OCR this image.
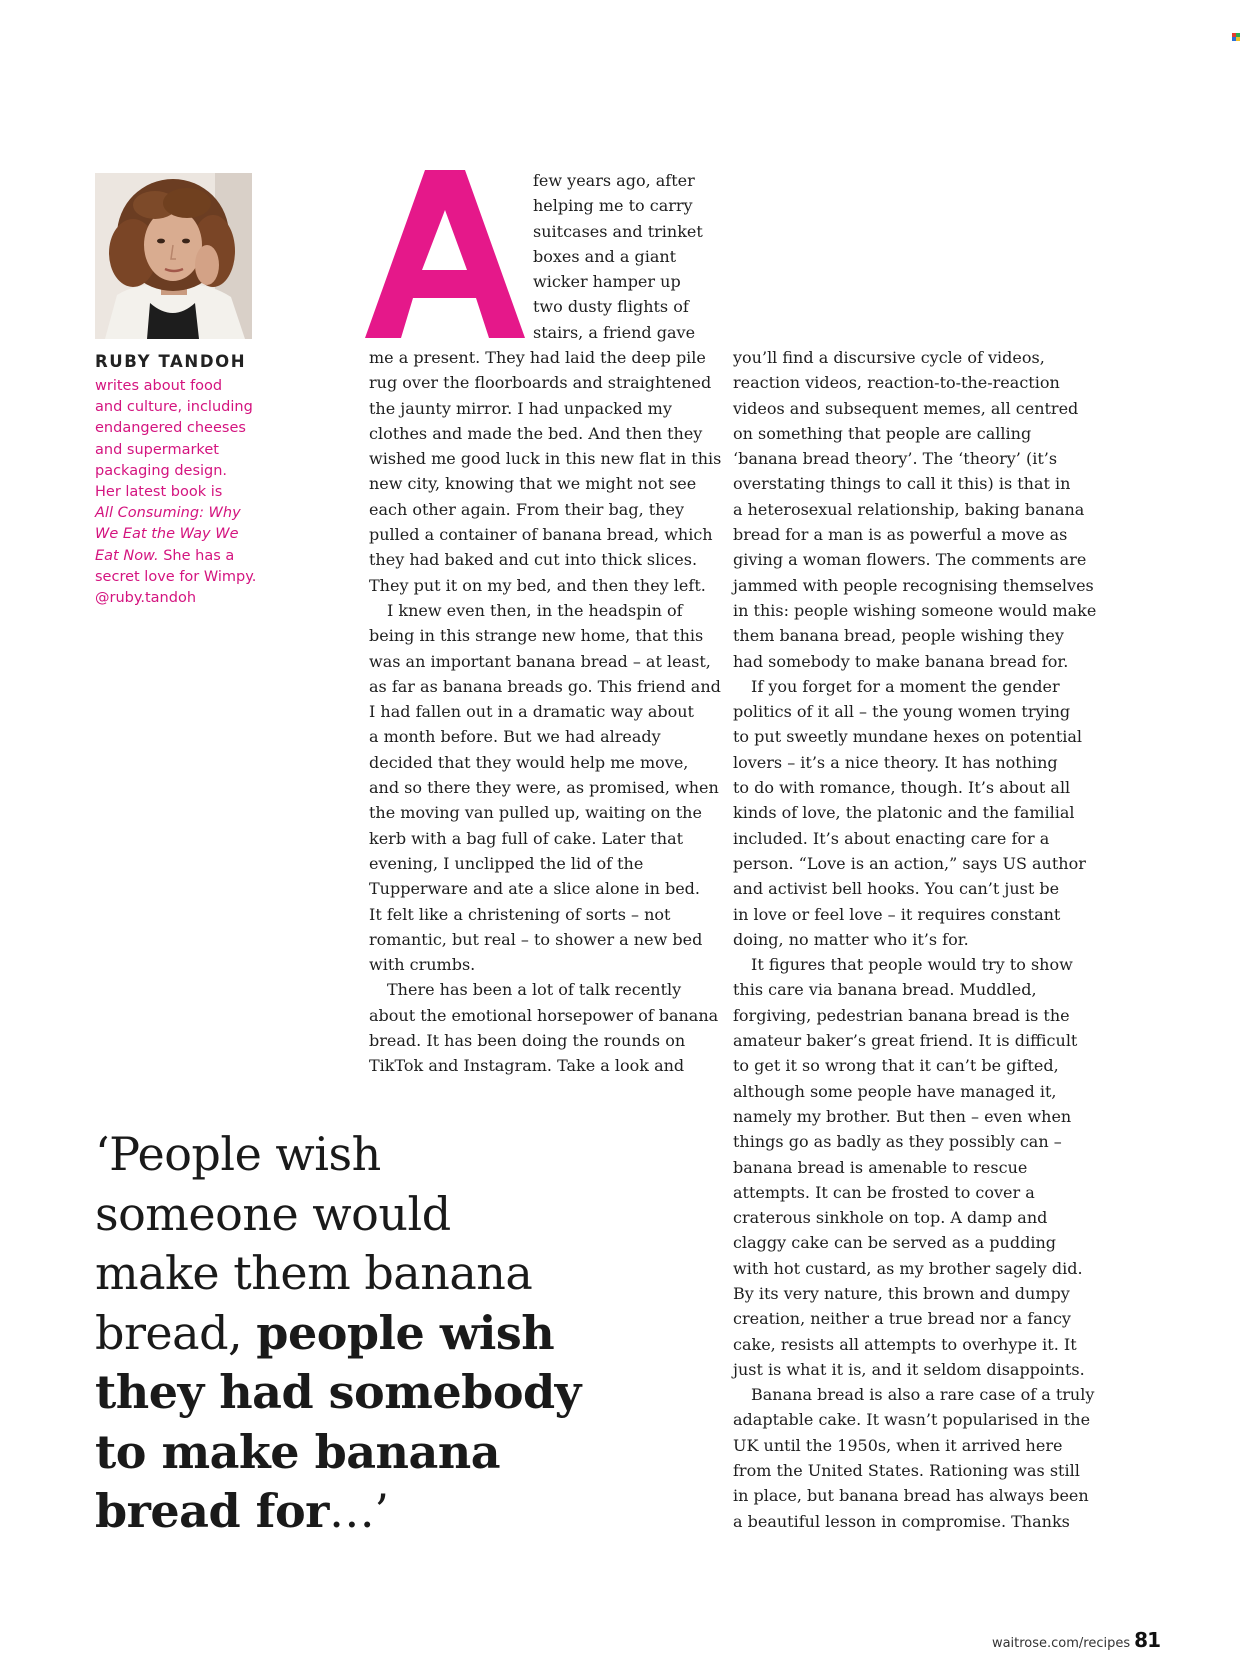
RUBY TANDOH
writes about food
and culture, including
endangered cheeses
and supermarket
packaging design.
Her latest book is
All Consuming: Why
We Eat the Way We
Eat Now. She has a
secret love for Wimpy.
@ruby.tandoh
few years ago, after
helping me to carry
suitcases and trinket
boxes and a giant
wicker hamper up
two dusty flights of
stairs, a friend gave
me a present. They had laid the deep pile
rug over the floorboards and straightened
the jaunty mirror. I had unpacked my
clothes and made the bed. And then they
wished me good luck in this new flat in this
new city, knowing that we might not see
each other again. From their bag, they
pulled a container of banana bread, which
they had baked and cut into thick slices.
They put it on my bed, and then they left.
I knew even then, in the headspin of
being in this strange new home, that this
was an important banana bread – at least,
as far as banana breads go. This friend and
I had fallen out in a dramatic way about
a month before. But we had already
decided that they would help me move,
and so there they were, as promised, when
the moving van pulled up, waiting on the
kerb with a bag full of cake. Later that
evening, I unclipped the lid of the
Tupperware and ate a slice alone in bed.
It felt like a christening of sorts – not
romantic, but real – to shower a new bed
with crumbs.
There has been a lot of talk recently
about the emotional horsepower of banana
bread. It has been doing the rounds on
TikTok and Instagram. Take a look and
you’ll find a discursive cycle of videos,
reaction videos, reaction-to-the-reaction
videos and subsequent memes, all centred
on something that people are calling
‘banana bread theory’. The ‘theory’ (it’s
overstating things to call it this) is that in
a heterosexual relationship, baking banana
bread for a man is as powerful a move as
giving a woman flowers. The comments are
jammed with people recognising themselves
in this: people wishing someone would make
them banana bread, people wishing they
had somebody to make banana bread for.
If you forget for a moment the gender
politics of it all – the young women trying
to put sweetly mundane hexes on potential
lovers – it’s a nice theory. It has nothing
to do with romance, though. It’s about all
kinds of love, the platonic and the familial
included. It’s about enacting care for a
person. “Love is an action,” says US author
and activist bell hooks. You can’t just be
in love or feel love – it requires constant
doing, no matter who it’s for.
It figures that people would try to show
this care via banana bread. Muddled,
forgiving, pedestrian banana bread is the
amateur baker’s great friend. It is difficult
to get it so wrong that it can’t be gifted,
although some people have managed it,
namely my brother. But then – even when
things go as badly as they possibly can –
banana bread is amenable to rescue
attempts. It can be frosted to cover a
craterous sinkhole on top. A damp and
claggy cake can be served as a pudding
with hot custard, as my brother sagely did.
By its very nature, this brown and dumpy
creation, neither a true bread nor a fancy
cake, resists all attempts to overhype it. It
just is what it is, and it seldom disappoints.
Banana bread is also a rare case of a truly
adaptable cake. It wasn’t popularised in the
UK until the 1950s, when it arrived here
from the United States. Rationing was still
in place, but banana bread has always been
a beautiful lesson in compromise. Thanks
‘People wish
someone would
make them banana
bread, people wish
they had somebody
to make banana
bread for…’
waitrose.com/recipes 81
